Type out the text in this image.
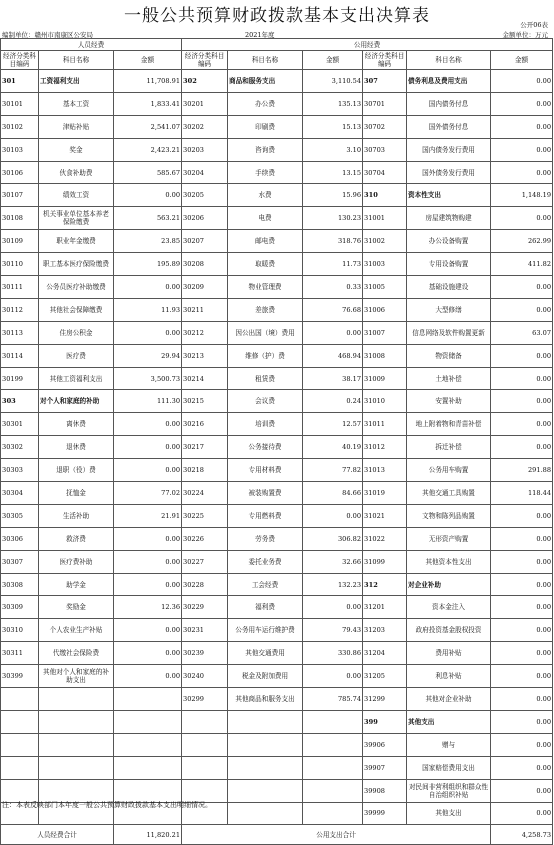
一般公共预算财政拨款基本支出决算表	公开06表
编制单位：赣州市南康区公安局	2021年度	金额单位：万元
人员经费			公用经费					
经济分类科目编码	科目名称	金额	经济分类科目编码	科目名称	金额	经济分类科目编码	科目名称	金额
301	工资福利支出	11,708.91	302	商品和服务支出	3,110.54	307	债务利息及费用支出	0.00
30101	基本工资	1,833.41	30201	办公费	135.13	30701	国内债务付息	0.00
30102	津贴补贴	2,541.07	30202	印刷费	15.13	30702	国外债务付息	0.00
30103	奖金	2,423.21	30203	咨询费	3.10	30703	国内债务发行费用	0.00
30106	伙食补助费	585.67	30204	手续费	13.15	30704	国外债务发行费用	0.00
30107	绩效工资	0.00	30205	水费	15.96	310	资本性支出	1,148.19
30108	机关事业单位基本养老保险缴费	563.21	30206	电费	130.23	31001	房屋建筑物购建	0.00
30109	职业年金缴费	23.85	30207	邮电费	318.76	31002	办公设备购置	262.99
30110	职工基本医疗保险缴费	195.89	30208	取暖费	11.73	31003	专用设备购置	411.82
30111	公务员医疗补助缴费	0.00	30209	物业管理费	0.33	31005	基础设施建设	0.00
30112	其他社会保障缴费	11.93	30211	差旅费	76.68	31006	大型修缮	0.00
30113	住房公积金	0.00	30212	因公出国（境）费用	0.00	31007	信息网络及软件购置更新	63.07
30114	医疗费	29.94	30213	维修（护）费	468.94	31008	物资储备	0.00
30199	其他工资福利支出	3,500.73	30214	租赁费	38.17	31009	土地补偿	0.00
303	对个人和家庭的补助	111.30	30215	会议费	0.24	31010	安置补助	0.00
30301	离休费	0.00	30216	培训费	12.57	31011	地上附着物和青苗补偿	0.00
30302	退休费	0.00	30217	公务接待费	40.19	31012	拆迁补偿	0.00
30303	退职（役）费	0.00	30218	专用材料费	77.82	31013	公务用车购置	291.88
30304	抚恤金	77.02	30224	被装购置费	84.66	31019	其他交通工具购置	118.44
30305	生活补助	21.91	30225	专用燃料费	0.00	31021	文物和陈列品购置	0.00
30306	救济费	0.00	30226	劳务费	306.82	31022	无形资产购置	0.00
30307	医疗费补助	0.00	30227	委托业务费	32.66	31099	其他资本性支出	0.00
30308	助学金	0.00	30228	工会经费	132.23	312	对企业补助	0.00
30309	奖励金	12.36	30229	福利费	0.00	31201	资本金注入	0.00
30310	个人农业生产补贴	0.00	30231	公务用车运行维护费	79.43	31203	政府投资基金股权投资	0.00
30311	代缴社会保险费	0.00	30239	其他交通费用	330.86	31204	费用补贴	0.00
30399	其他对个人和家庭的补助支出	0.00	30240	税金及附加费用	0.00	31205	利息补贴	0.00
			30299	其他商品和服务支出	785.74	31299	其他对企业补助	0.00
						399	其他支出	0.00
						39906	赠与	0.00
						39907	国家赔偿费用支出	0.00
						39908	对民间非营利组织和群众性自治组织补贴	0.00
						39999	其他支出	0.00
人员经费合计		11,820.21	公用支出合计					4,258.73
注：本表反映部门本年度一般公共预算财政拨款基本支出明细情况。
